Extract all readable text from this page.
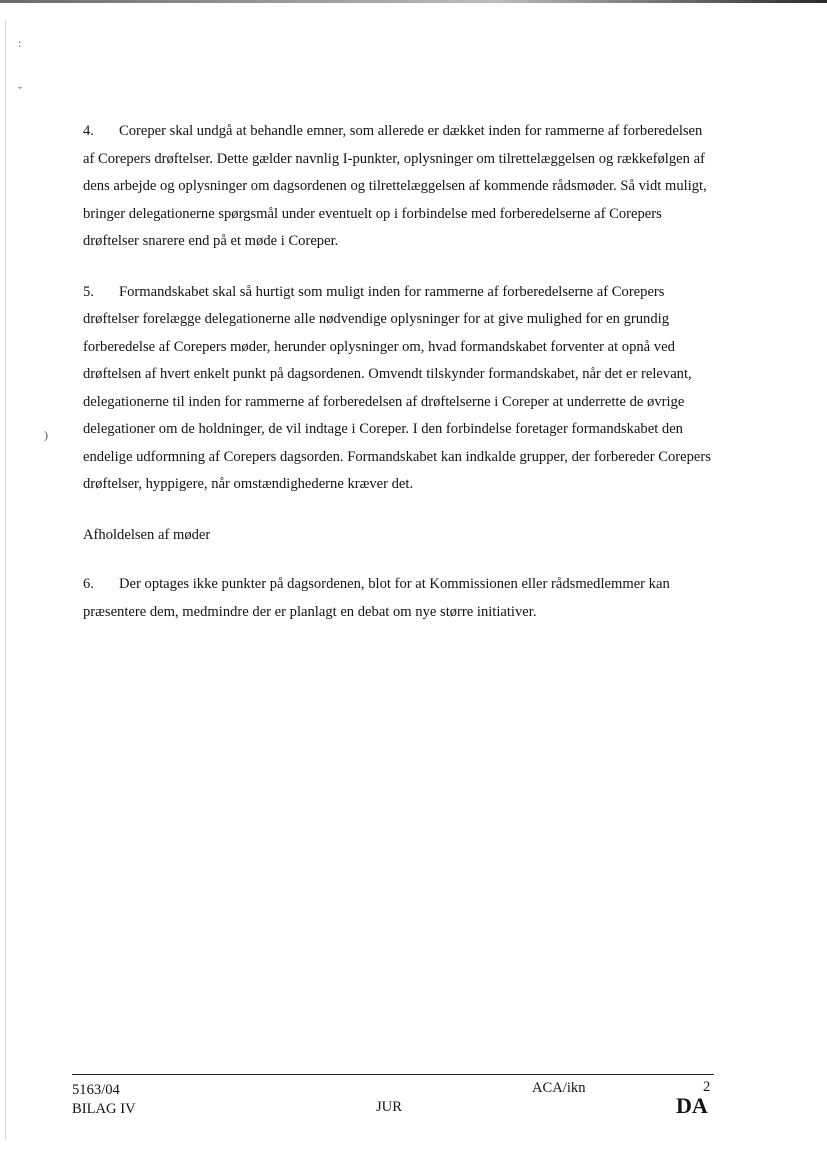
:
ˇ
)

4. Coreper skal undgå at behandle emner, som allerede er dækket inden for rammerne af forberedelsen af Corepers drøftelser. Dette gælder navnlig I-punkter, oplysninger om tilrettelæggelsen og rækkefølgen af dens arbejde og oplysninger om dagsordenen og tilrettelæggelsen af kommende rådsmøder. Så vidt muligt, bringer delegationerne spørgsmål under eventuelt op i forbindelse med forberedelserne af Corepers drøftelser snarere end på et møde i Coreper.

5. Formandskabet skal så hurtigt som muligt inden for rammerne af forberedelserne af Corepers drøftelser forelægge delegationerne alle nødvendige oplysninger for at give mulighed for en grundig forberedelse af Corepers møder, herunder oplysninger om, hvad formandskabet forventer at opnå ved drøftelsen af hvert enkelt punkt på dagsordenen. Omvendt tilskynder formandskabet, når det er relevant, delegationerne til inden for rammerne af forberedelsen af drøftelserne i Coreper at underrette de øvrige delegationer om de holdninger, de vil indtage i Coreper. I den forbindelse foretager formandskabet den endelige udformning af Corepers dagsorden. Formandskabet kan indkalde grupper, der forbereder Corepers drøftelser, hyppigere, når omstændighederne kræver det.

Afholdelsen af møder

6. Der optages ikke punkter på dagsordenen, blot for at Kommissionen eller rådsmedlemmer kan præsentere dem, medmindre der er planlagt en debat om nye større initiativer.

5163/04
BILAG IV	JUR
ACA/ikn	2
DA
